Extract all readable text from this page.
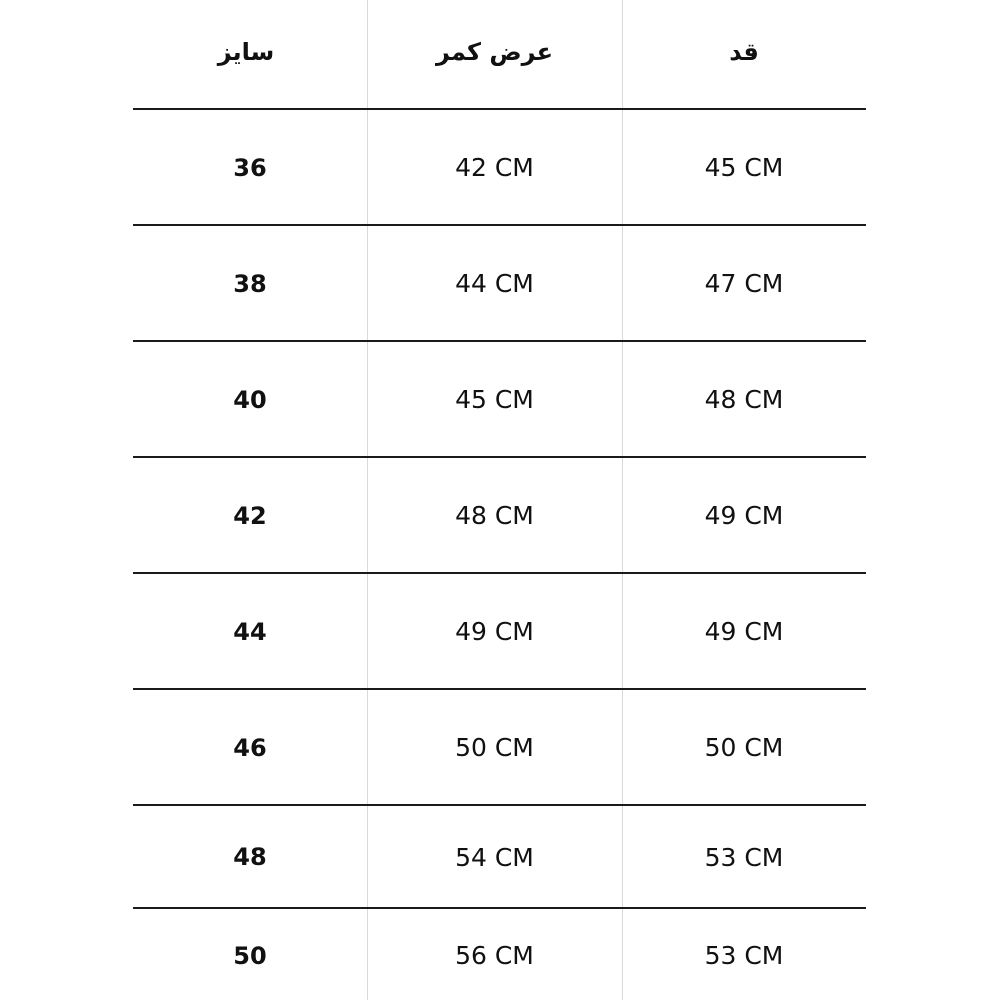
سایز	عرض کمر	قد
36	42 CM	45 CM
38	44 CM	47 CM
40	45 CM	48 CM
42	48 CM	49 CM
44	49 CM	49 CM
46	50 CM	50 CM
48	54 CM	53 CM
50	56 CM	53 CM
